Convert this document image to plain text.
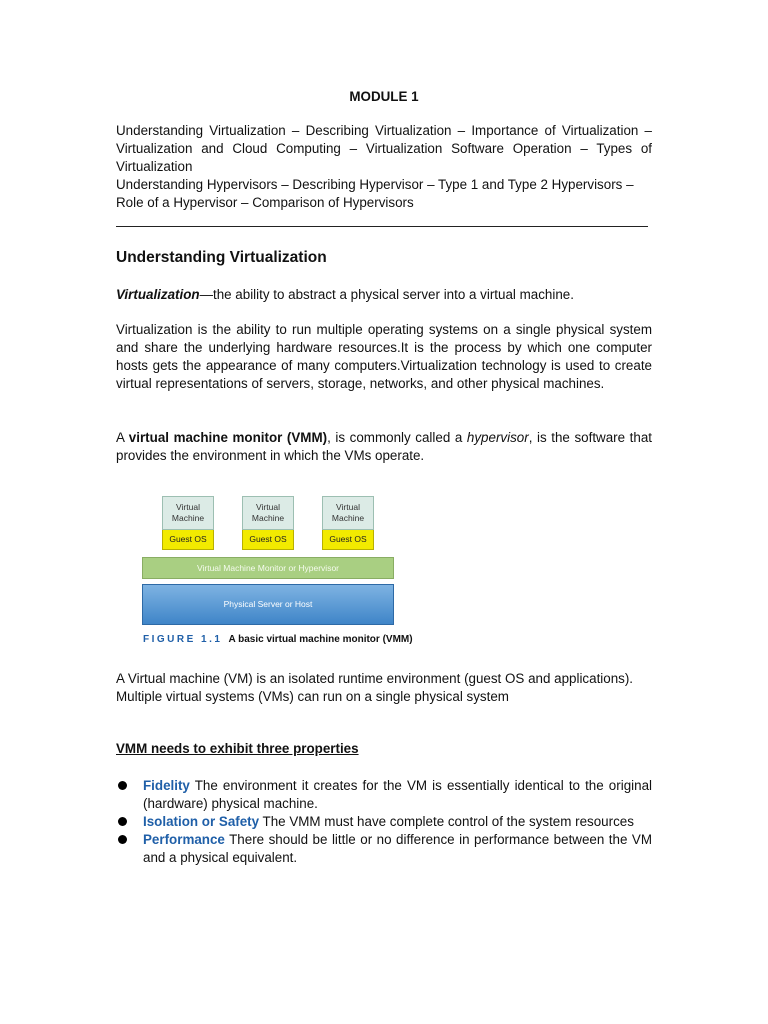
MODULE 1

Understanding Virtualization – Describing Virtualization – Importance of Virtualization – Virtualization and Cloud Computing – Virtualization Software Operation – Types of Virtualization

Understanding Hypervisors – Describing Hypervisor – Type 1 and Type 2 Hypervisors – Role of a Hypervisor – Comparison of Hypervisors

Understanding Virtualization

Virtualization—the ability to abstract a physical server into a virtual machine.

Virtualization is the ability to run multiple operating systems on a single physical system and share the underlying hardware resources.It is the process by which one computer hosts gets the appearance of many computers.Virtualization technology is used to create virtual representations of servers, storage, networks, and other physical machines.

A virtual machine monitor (VMM), is commonly called a hypervisor, is the software that provides the environment in which the VMs operate.

Virtual Machine
Guest OS
Virtual Machine
Guest OS
Virtual Machine
Guest OS
Virtual Machine Monitor or Hypervisor
Physical Server or Host
FIGURE 1.1 A basic virtual machine monitor (VMM)

A Virtual machine (VM) is an isolated runtime environment (guest OS and applications).

Multiple virtual systems (VMs) can run on a single physical system

VMM needs to exhibit three properties
Fidelity The environment it creates for the VM is essentially identical to the original (hardware) physical machine.
Isolation or Safety The VMM must have complete control of the system resources
Performance There should be little or no difference in performance between the VM and a physical equivalent.
